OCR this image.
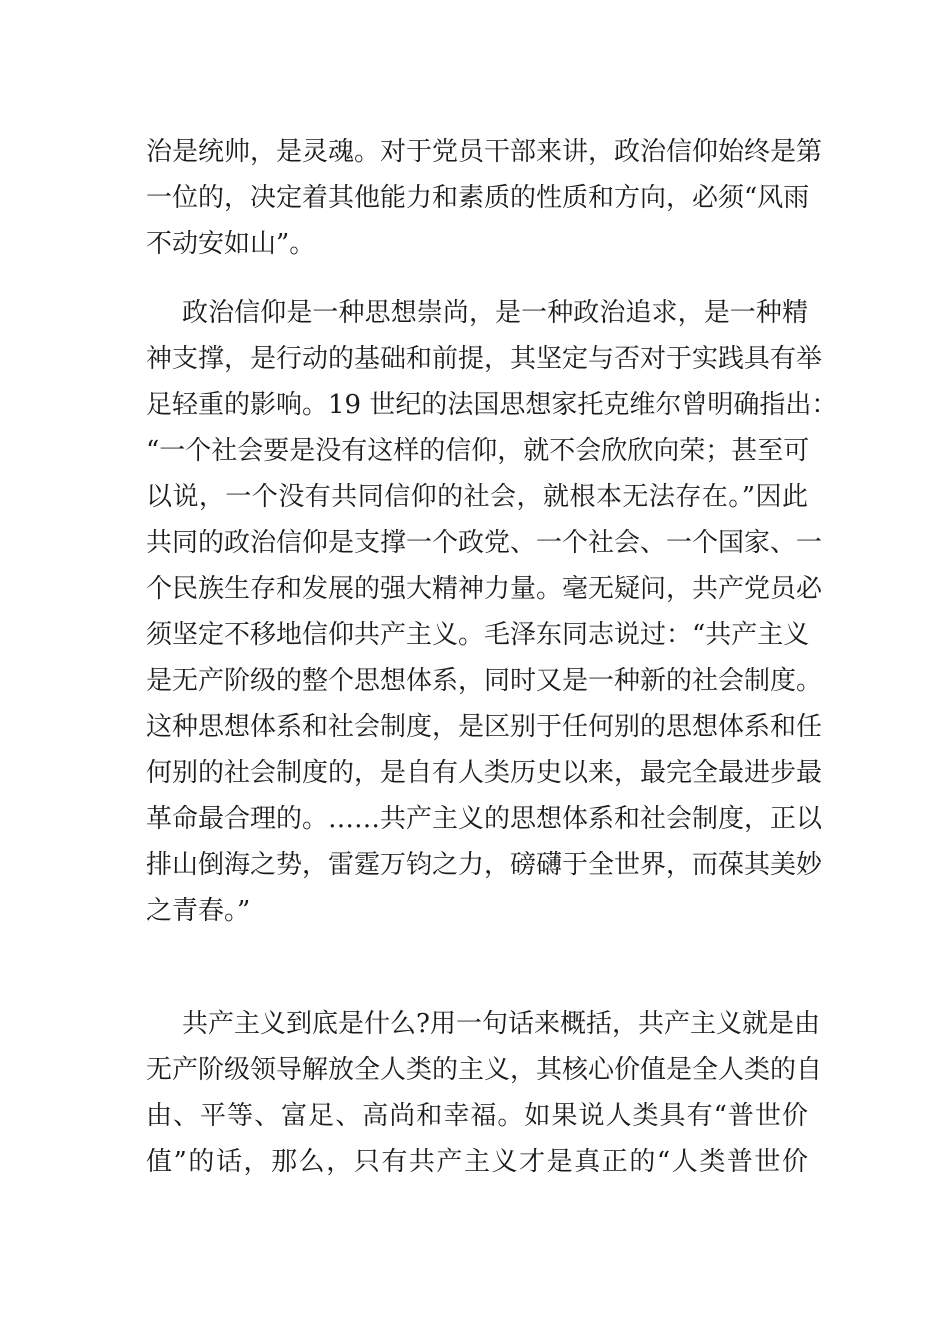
治是统帅，是灵魂。对于党员干部来讲，政治信仰始终是第
一位的，决定着其他能力和素质的性质和方向，必须“风雨
不动安如山”。
政治信仰是一种思想崇尚，是一种政治追求，是一种精
神支撑，是行动的基础和前提，其坚定与否对于实践具有举
足轻重的影响。19 世纪的法国思想家托克维尔曾明确指出：
“一个社会要是没有这样的信仰，就不会欣欣向荣；甚至可
以说，一个没有共同信仰的社会，就根本无法存在。”因此
共同的政治信仰是支撑一个政党、一个社会、一个国家、一
个民族生存和发展的强大精神力量。毫无疑问，共产党员必
须坚定不移地信仰共产主义。毛泽东同志说过：“共产主义
是无产阶级的整个思想体系，同时又是一种新的社会制度。
这种思想体系和社会制度，是区别于任何别的思想体系和任
何别的社会制度的，是自有人类历史以来，最完全最进步最
革命最合理的。……共产主义的思想体系和社会制度，正以
排山倒海之势，雷霆万钧之力，磅礴于全世界，而葆其美妙
之青春。”
共产主义到底是什么?用一句话来概括，共产主义就是由
无产阶级领导解放全人类的主义，其核心价值是全人类的自
由、平等、富足、高尚和幸福。如果说人类具有“普世价
值”的话，那么，只有共产主义才是真正的“人类普世价
